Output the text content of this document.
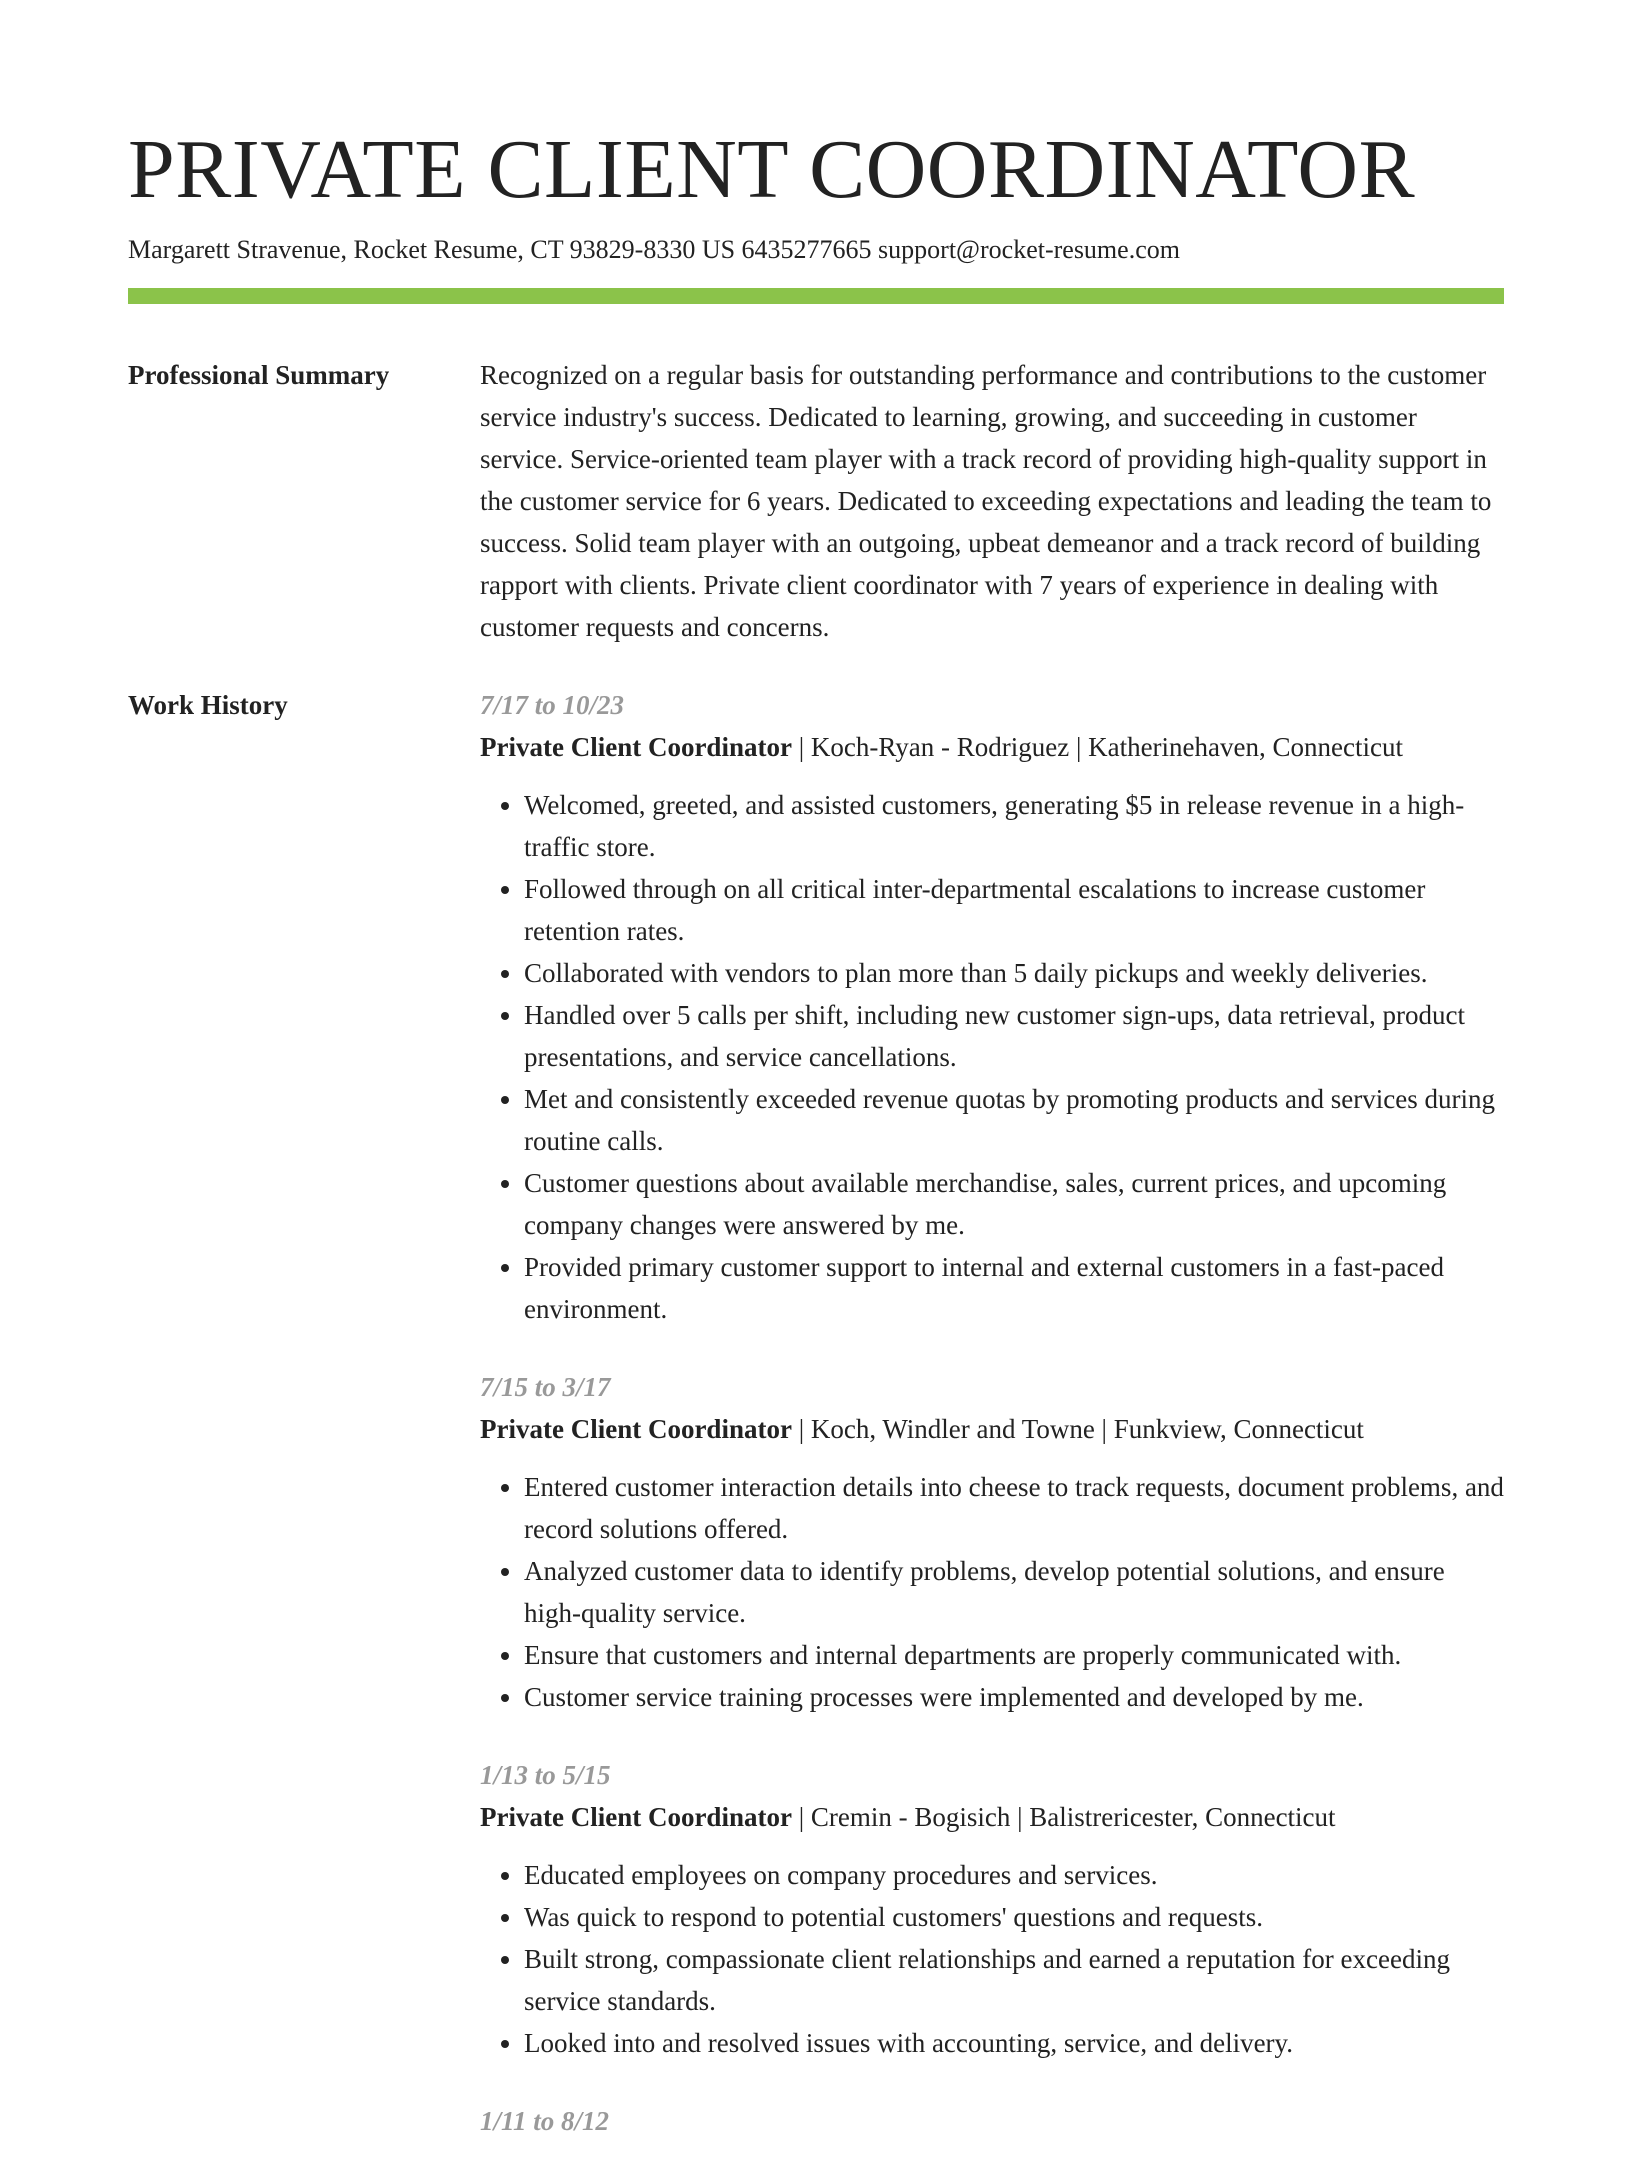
PRIVATE CLIENT COORDINATOR
Margarett Stravenue, Rocket Resume, CT 93829-8330 US 6435277665 support@rocket-resume.com
Professional Summary	Recognized on a regular basis for outstanding performance and contributions to the customer service industry's success. Dedicated to learning, growing, and succeeding in customer service. Service-oriented team player with a track record of providing high-quality support in the customer service for 6 years. Dedicated to exceeding expectations and leading the team to success. Solid team player with an outgoing, upbeat demeanor and a track record of building rapport with clients. Private client coordinator with 7 years of experience in dealing with customer requests and concerns.

Work History	7/17 to 10/23
Private Client Coordinator | Koch-Ryan - Rodriguez | Katherinehaven, Connecticut
• Welcomed, greeted, and assisted customers, generating $5 in release revenue in a high-traffic store.
• Followed through on all critical inter-departmental escalations to increase customer retention rates.
• Collaborated with vendors to plan more than 5 daily pickups and weekly deliveries.
• Handled over 5 calls per shift, including new customer sign-ups, data retrieval, product presentations, and service cancellations.
• Met and consistently exceeded revenue quotas by promoting products and services during routine calls.
• Customer questions about available merchandise, sales, current prices, and upcoming company changes were answered by me.
• Provided primary customer support to internal and external customers in a fast-paced environment.
7/15 to 3/17
Private Client Coordinator | Koch, Windler and Towne | Funkview, Connecticut
• Entered customer interaction details into cheese to track requests, document problems, and record solutions offered.
• Analyzed customer data to identify problems, develop potential solutions, and ensure high-quality service.
• Ensure that customers and internal departments are properly communicated with.
• Customer service training processes were implemented and developed by me.
1/13 to 5/15
Private Client Coordinator | Cremin - Bogisich | Balistrericester, Connecticut
• Educated employees on company procedures and services.
• Was quick to respond to potential customers' questions and requests.
• Built strong, compassionate client relationships and earned a reputation for exceeding service standards.
• Looked into and resolved issues with accounting, service, and delivery.
1/11 to 8/12
